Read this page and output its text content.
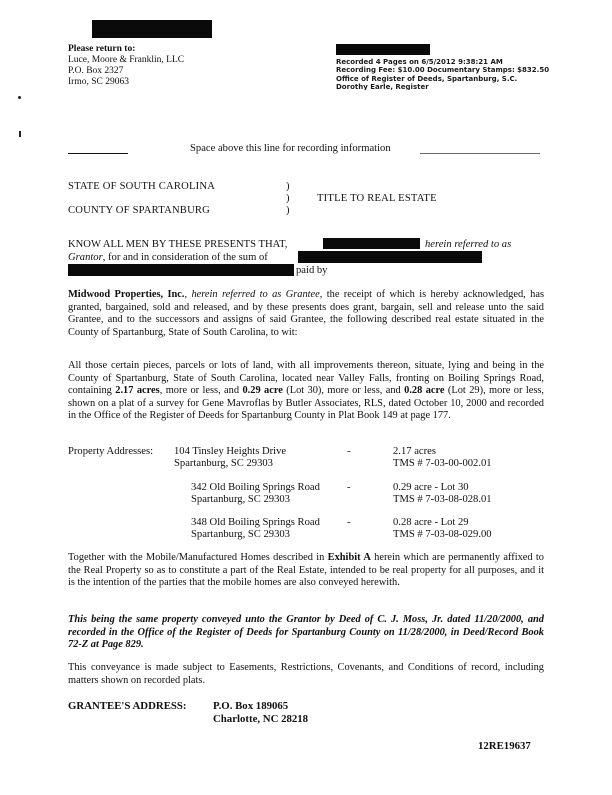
Please return to:
Luce, Moore & Franklin, LLC
P.O. Box 2327
Irmo, SC 29063
Recorded 4 Pages on 6/5/2012 9:38:21 AM
Recording Fee: $10.00 Documentary Stamps: $832.50
Office of Register of Deeds, Spartanburg, S.C.
Dorothy Earle, Register
Space above this line for recording information
STATE OF SOUTH CAROLINA
COUNTY OF SPARTANBURG
)
)
)
TITLE TO REAL ESTATE
KNOW ALL MEN BY THESE PRESENTS THAT,	herein referred to as
Grantor, for and in consideration of the sum of
paid by
Midwood Properties, Inc., herein referred to as Grantee, the receipt of which is hereby acknowledged, has granted, bargained, sold and released, and by these presents does grant, bargain, sell and release unto the said Grantee, and to the successors and assigns of said Grantee, the following described real estate situated in the County of Spartanburg, State of South Carolina, to wit:
All those certain pieces, parcels or lots of land, with all improvements thereon, situate, lying and being in the County of Spartanburg, State of South Carolina, located near Valley Falls, fronting on Boiling Springs Road, containing 2.17 acres, more or less, and 0.29 acre (Lot 30), more or less, and 0.28 acre (Lot 29), more or less, shown on a plat of a survey for Gene Mavroflas by Butler Associates, RLS, dated October 10, 2000 and recorded in the Office of the Register of Deeds for Spartanburg County in Plat Book 149 at page 177.
Property Addresses: 104 Tinsley Heights Drive
Spartanburg, SC 29303
-	2.17 acres
TMS # 7-03-00-002.01
342 Old Boiling Springs Road
Spartanburg, SC 29303
-	0.29 acre - Lot 30
TMS # 7-03-08-028.01
348 Old Boiling Springs Road
Spartanburg, SC 29303
-	0.28 acre - Lot 29
TMS # 7-03-08-029.00
Together with the Mobile/Manufactured Homes described in Exhibit A herein which are permanently affixed to the Real Property so as to constitute a part of the Real Estate, intended to be real property for all purposes, and it is the intention of the parties that the mobile homes are also conveyed herewith.
This being the same property conveyed unto the Grantor by Deed of C. J. Moss, Jr. dated 11/20/2000, and recorded in the Office of the Register of Deeds for Spartanburg County on 11/28/2000, in Deed/Record Book 72-Z at Page 829.
This conveyance is made subject to Easements, Restrictions, Covenants, and Conditions of record, including matters shown on recorded plats.
GRANTEE'S ADDRESS: P.O. Box 189065
Charlotte, NC 28218
12RE19637
